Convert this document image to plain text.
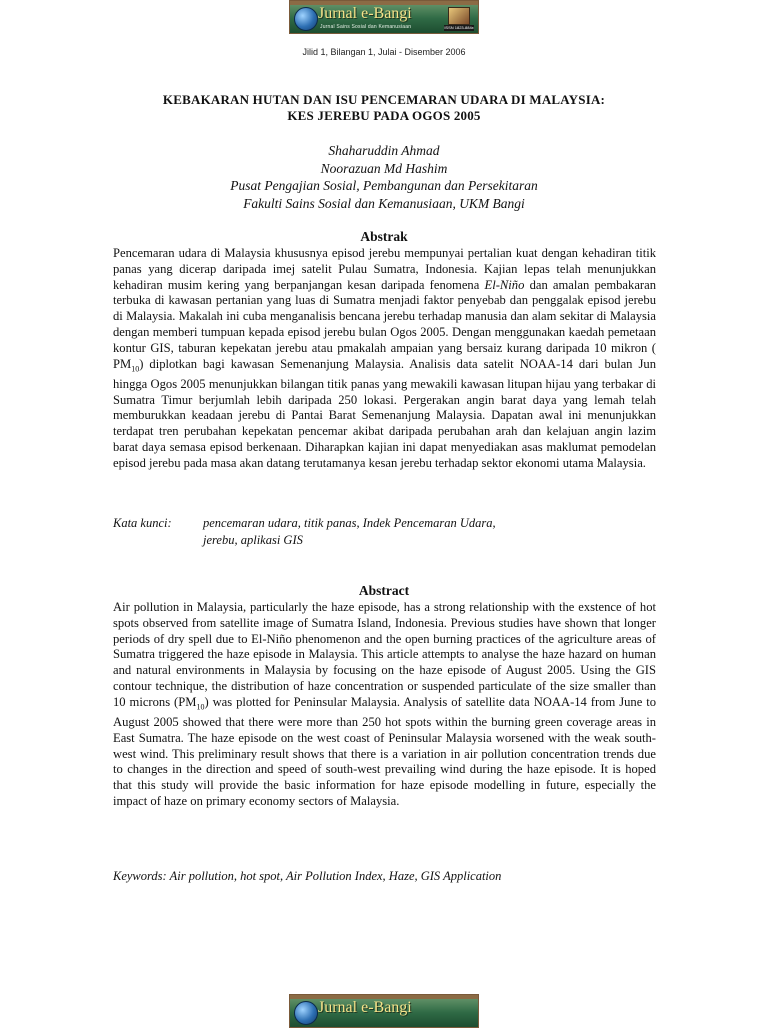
Jurnal e-Bangi
Jurnal Sains Sosial dan Kemanusiaan	ISSN 1823-884x
Jilid 1, Bilangan 1, Julai - Disember 2006
KEBAKARAN HUTAN DAN ISU PENCEMARAN UDARA DI MALAYSIA:
KES JEREBU PADA OGOS 2005
Shaharuddin Ahmad
Noorazuan Md Hashim
Pusat Pengajian Sosial, Pembangunan dan Persekitaran
Fakulti Sains Sosial dan Kemanusiaan, UKM Bangi
Abstrak
Pencemaran udara di Malaysia khususnya episod jerebu mempunyai pertalian kuat dengan kehadiran titik panas yang dicerap daripada imej satelit Pulau Sumatra, Indonesia. Kajian lepas telah menunjukkan kehadiran musim kering yang berpanjangan kesan daripada fenomena El-Niño dan amalan pembakaran terbuka di kawasan pertanian yang luas di Sumatra menjadi faktor penyebab dan penggalak episod jerebu di Malaysia. Makalah ini cuba menganalisis bencana jerebu terhadap manusia dan alam sekitar di Malaysia dengan memberi tumpuan kepada episod jerebu bulan Ogos 2005. Dengan menggunakan kaedah pemetaan kontur GIS, taburan kepekatan jerebu atau pmakalah ampaian yang bersaiz kurang daripada 10 mikron ( $PM_{10}$) diplotkan bagi kawasan Semenanjung Malaysia. Analisis data satelit NOAA-14 dari bulan Jun hingga Ogos 2005 menunjukkan bilangan titik panas yang mewakili kawasan litupan hijau yang terbakar di Sumatra Timur berjumlah lebih daripada 250 lokasi. Pergerakan angin barat daya yang lemah telah memburukkan keadaan jerebu di Pantai Barat Semenanjung Malaysia. Dapatan awal ini menunjukkan terdapat tren perubahan kepekatan pencemar akibat daripada perubahan arah dan kelajuan angin lazim barat daya semasa episod berkenaan. Diharapkan kajian ini dapat menyediakan asas maklumat pemodelan episod jerebu pada masa akan datang terutamanya kesan jerebu terhadap sektor ekonomi utama Malaysia.
Kata kunci:	pencemaran udara, titik panas, Indek Pencemaran Udara,
jerebu, aplikasi GIS
Abstract
Air pollution in Malaysia, particularly the haze episode, has a strong relationship with the exstence of hot spots observed from satellite image of Sumatra Island, Indonesia. Previous studies have shown that longer periods of dry spell due to El-Niño phenomenon and the open burning practices of the agriculture areas of Sumatra triggered the haze episode in Malaysia. This article attempts to analyse the haze hazard on human and natural environments in Malaysia by focusing on the haze episode of August 2005. Using the GIS contour technique, the distribution of haze concentration or suspended particulate of the size smaller than 10 microns $(PM_{10})$ was plotted for Peninsular Malaysia. Analysis of satellite data NOAA-14 from June to August 2005 showed that there were more than 250 hot spots within the burning green coverage areas in East Sumatra. The haze episode on the west coast of Peninsular Malaysia worsened with the weak south-west wind. This preliminary result shows that there is a variation in air pollution concentration trends due to changes in the direction and speed of south-west prevailing wind during the haze episode. It is hoped that this study will provide the basic information for haze episode modelling in future, especially the impact of haze on primary economy sectors of Malaysia.
Keywords: Air pollution, hot spot, Air Pollution Index, Haze, GIS Application
Jurnal e-Bangi
